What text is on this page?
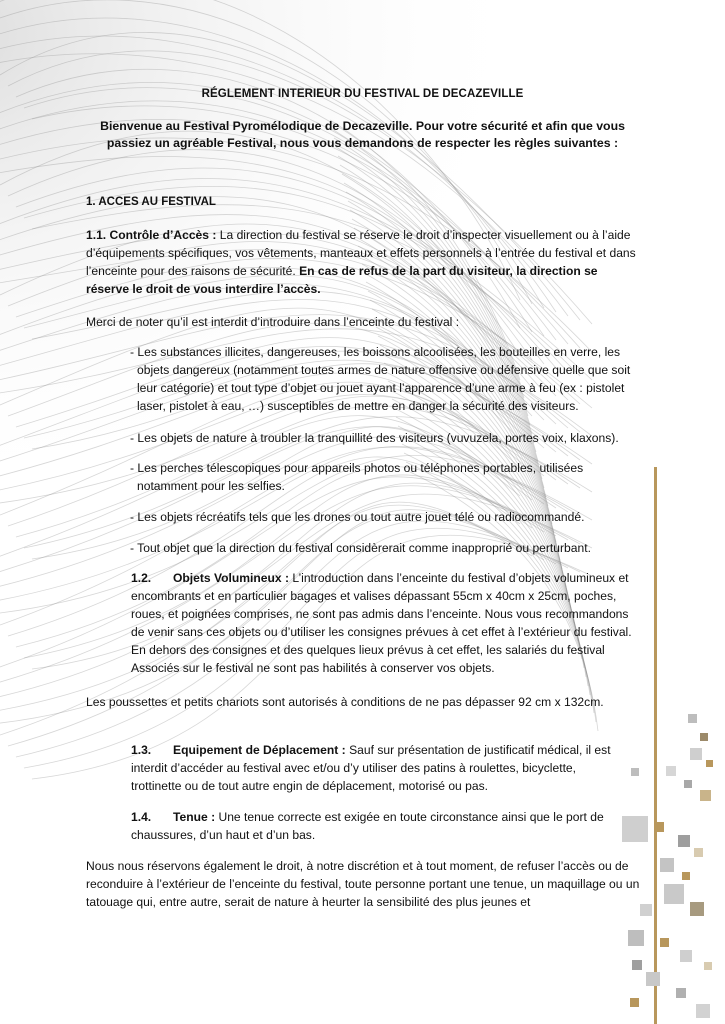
RÉGLEMENT INTERIEUR DU FESTIVAL DE DECAZEVILLE

Bienvenue au Festival Pyromélodique de Decazeville. Pour votre sécurité et afin que vous passiez un agréable Festival, nous vous demandons de respecter les règles suivantes :

1. ACCES AU FESTIVAL

1.1. Contrôle d’Accès : La direction du festival se réserve le droit d’inspecter visuellement ou à l’aide d’équipements spécifiques, vos vêtements, manteaux et effets personnels à l’entrée du festival et dans l’enceinte pour des raisons de sécurité. En cas de refus de la part du visiteur, la direction se réserve le droit de vous interdire l’accès.

Merci de noter qu’il est interdit d’introduire dans l’enceinte du festival :

- Les substances illicites, dangereuses, les boissons alcoolisées, les bouteilles en verre, les objets dangereux (notamment toutes armes de nature offensive ou défensive quelle que soit leur catégorie) et tout type d’objet ou jouet ayant l’apparence d’une arme à feu (ex : pistolet laser, pistolet à eau, …) susceptibles de mettre en danger la sécurité des visiteurs.

- Les objets de nature à troubler la tranquillité des visiteurs (vuvuzela, portes voix, klaxons).

- Les perches télescopiques pour appareils photos ou téléphones portables, utilisées notamment pour les selfies.

- Les objets récréatifs tels que les drones ou tout autre jouet télé ou radiocommandé.

- Tout objet que la direction du festival considèrerait comme inapproprié ou perturbant.

1.2. Objets Volumineux : L’introduction dans l’enceinte du festival d’objets volumineux et encombrants et en particulier bagages et valises dépassant 55cm x 40cm x 25cm, poches, roues, et poignées comprises, ne sont pas admis dans l’enceinte. Nous vous recommandons de venir sans ces objets ou d’utiliser les consignes prévues à cet effet à l’extérieur du festival. En dehors des consignes et des quelques lieux prévus à cet effet, les salariés du festival Associés sur le festival ne sont pas habilités à conserver vos objets.

Les poussettes et petits chariots sont autorisés à conditions de ne pas dépasser 92 cm x 132cm.

1.3. Equipement de Déplacement : Sauf sur présentation de justificatif médical, il est interdit d’accéder au festival avec et/ou d’y utiliser des patins à roulettes, bicyclette, trottinette ou de tout autre engin de déplacement, motorisé ou pas.

1.4. Tenue : Une tenue correcte est exigée en toute circonstance ainsi que le port de chaussures, d’un haut et d’un bas.

Nous nous réservons également le droit, à notre discrétion et à tout moment, de refuser l’accès ou de reconduire à l’extérieur de l’enceinte du festival, toute personne portant une tenue, un maquillage ou un tatouage qui, entre autre, serait de nature à heurter la sensibilité des plus jeunes et
